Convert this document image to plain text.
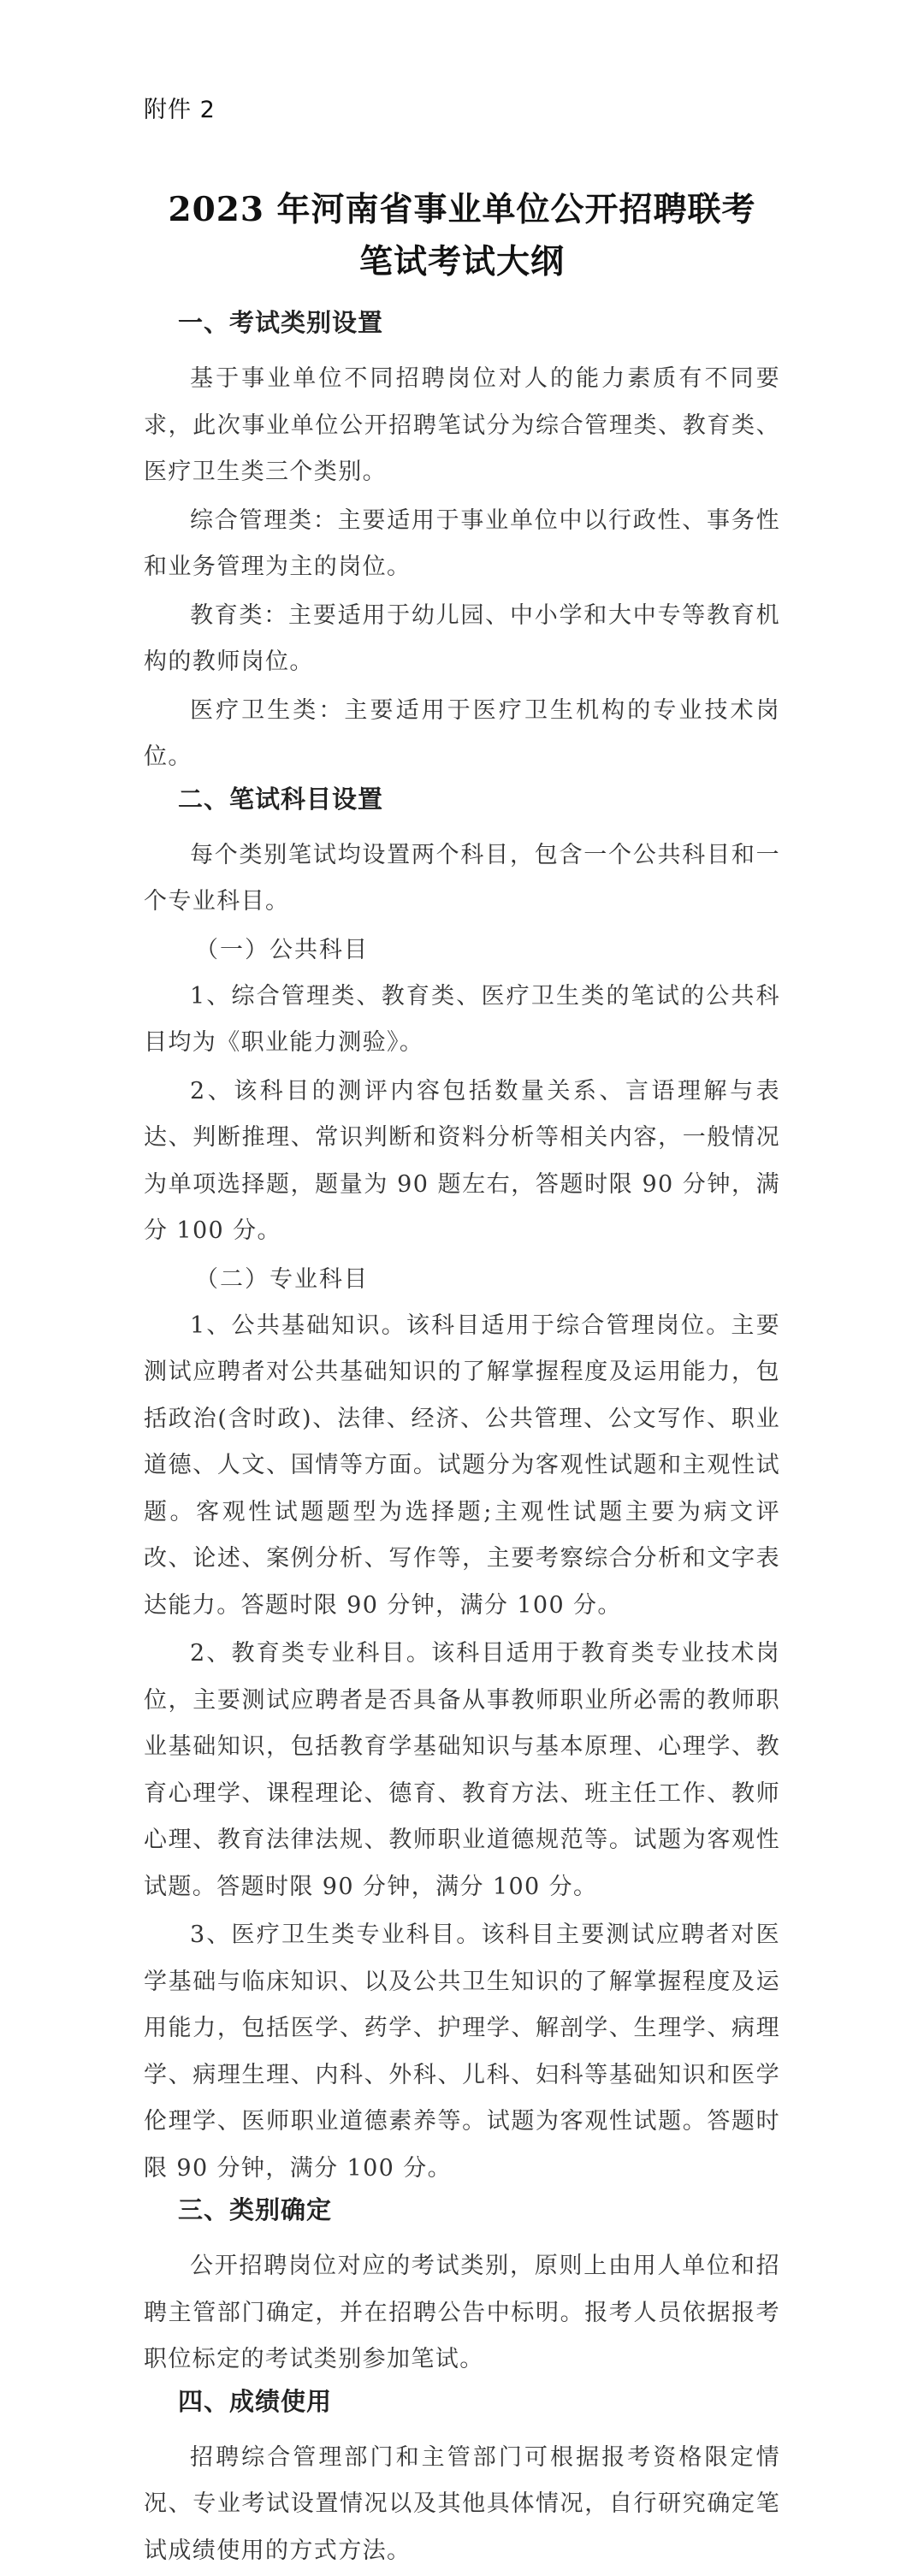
附件 2
2023 年河南省事业单位公开招聘联考
笔试考试大纲
一、考试类别设置

基于事业单位不同招聘岗位对人的能力素质有不同要求，此次事业单位公开招聘笔试分为综合管理类、教育类、医疗卫生类三个类别。

综合管理类：主要适用于事业单位中以行政性、事务性和业务管理为主的岗位。

教育类：主要适用于幼儿园、中小学和大中专等教育机构的教师岗位。

医疗卫生类：主要适用于医疗卫生机构的专业技术岗位。

二、笔试科目设置

每个类别笔试均设置两个科目，包含一个公共科目和一个专业科目。

（一）公共科目

1、综合管理类、教育类、医疗卫生类的笔试的公共科目均为《职业能力测验》。

2、该科目的测评内容包括数量关系、言语理解与表达、判断推理、常识判断和资料分析等相关内容，一般情况为单项选择题，题量为 90 题左右，答题时限 90 分钟，满分 100 分。

（二）专业科目

1、公共基础知识。该科目适用于综合管理岗位。主要测试应聘者对公共基础知识的了解掌握程度及运用能力，包括政治(含时政)、法律、经济、公共管理、公文写作、职业道德、人文、国情等方面。试题分为客观性试题和主观性试题。客观性试题题型为选择题;主观性试题主要为病文评改、论述、案例分析、写作等，主要考察综合分析和文字表达能力。答题时限 90 分钟，满分 100 分。

2、教育类专业科目。该科目适用于教育类专业技术岗位，主要测试应聘者是否具备从事教师职业所必需的教师职业基础知识，包括教育学基础知识与基本原理、心理学、教育心理学、课程理论、德育、教育方法、班主任工作、教师心理、教育法律法规、教师职业道德规范等。试题为客观性试题。答题时限 90 分钟，满分 100 分。

3、医疗卫生类专业科目。该科目主要测试应聘者对医学基础与临床知识、以及公共卫生知识的了解掌握程度及运用能力，包括医学、药学、护理学、解剖学、生理学、病理学、病理生理、内科、外科、儿科、妇科等基础知识和医学伦理学、医师职业道德素养等。试题为客观性试题。答题时限 90 分钟，满分 100 分。

三、类别确定

公开招聘岗位对应的考试类别，原则上由用人单位和招聘主管部门确定，并在招聘公告中标明。报考人员依据报考职位标定的考试类别参加笔试。

四、成绩使用

招聘综合管理部门和主管部门可根据报考资格限定情况、专业考试设置情况以及其他具体情况，自行研究确定笔试成绩使用的方式方法。
